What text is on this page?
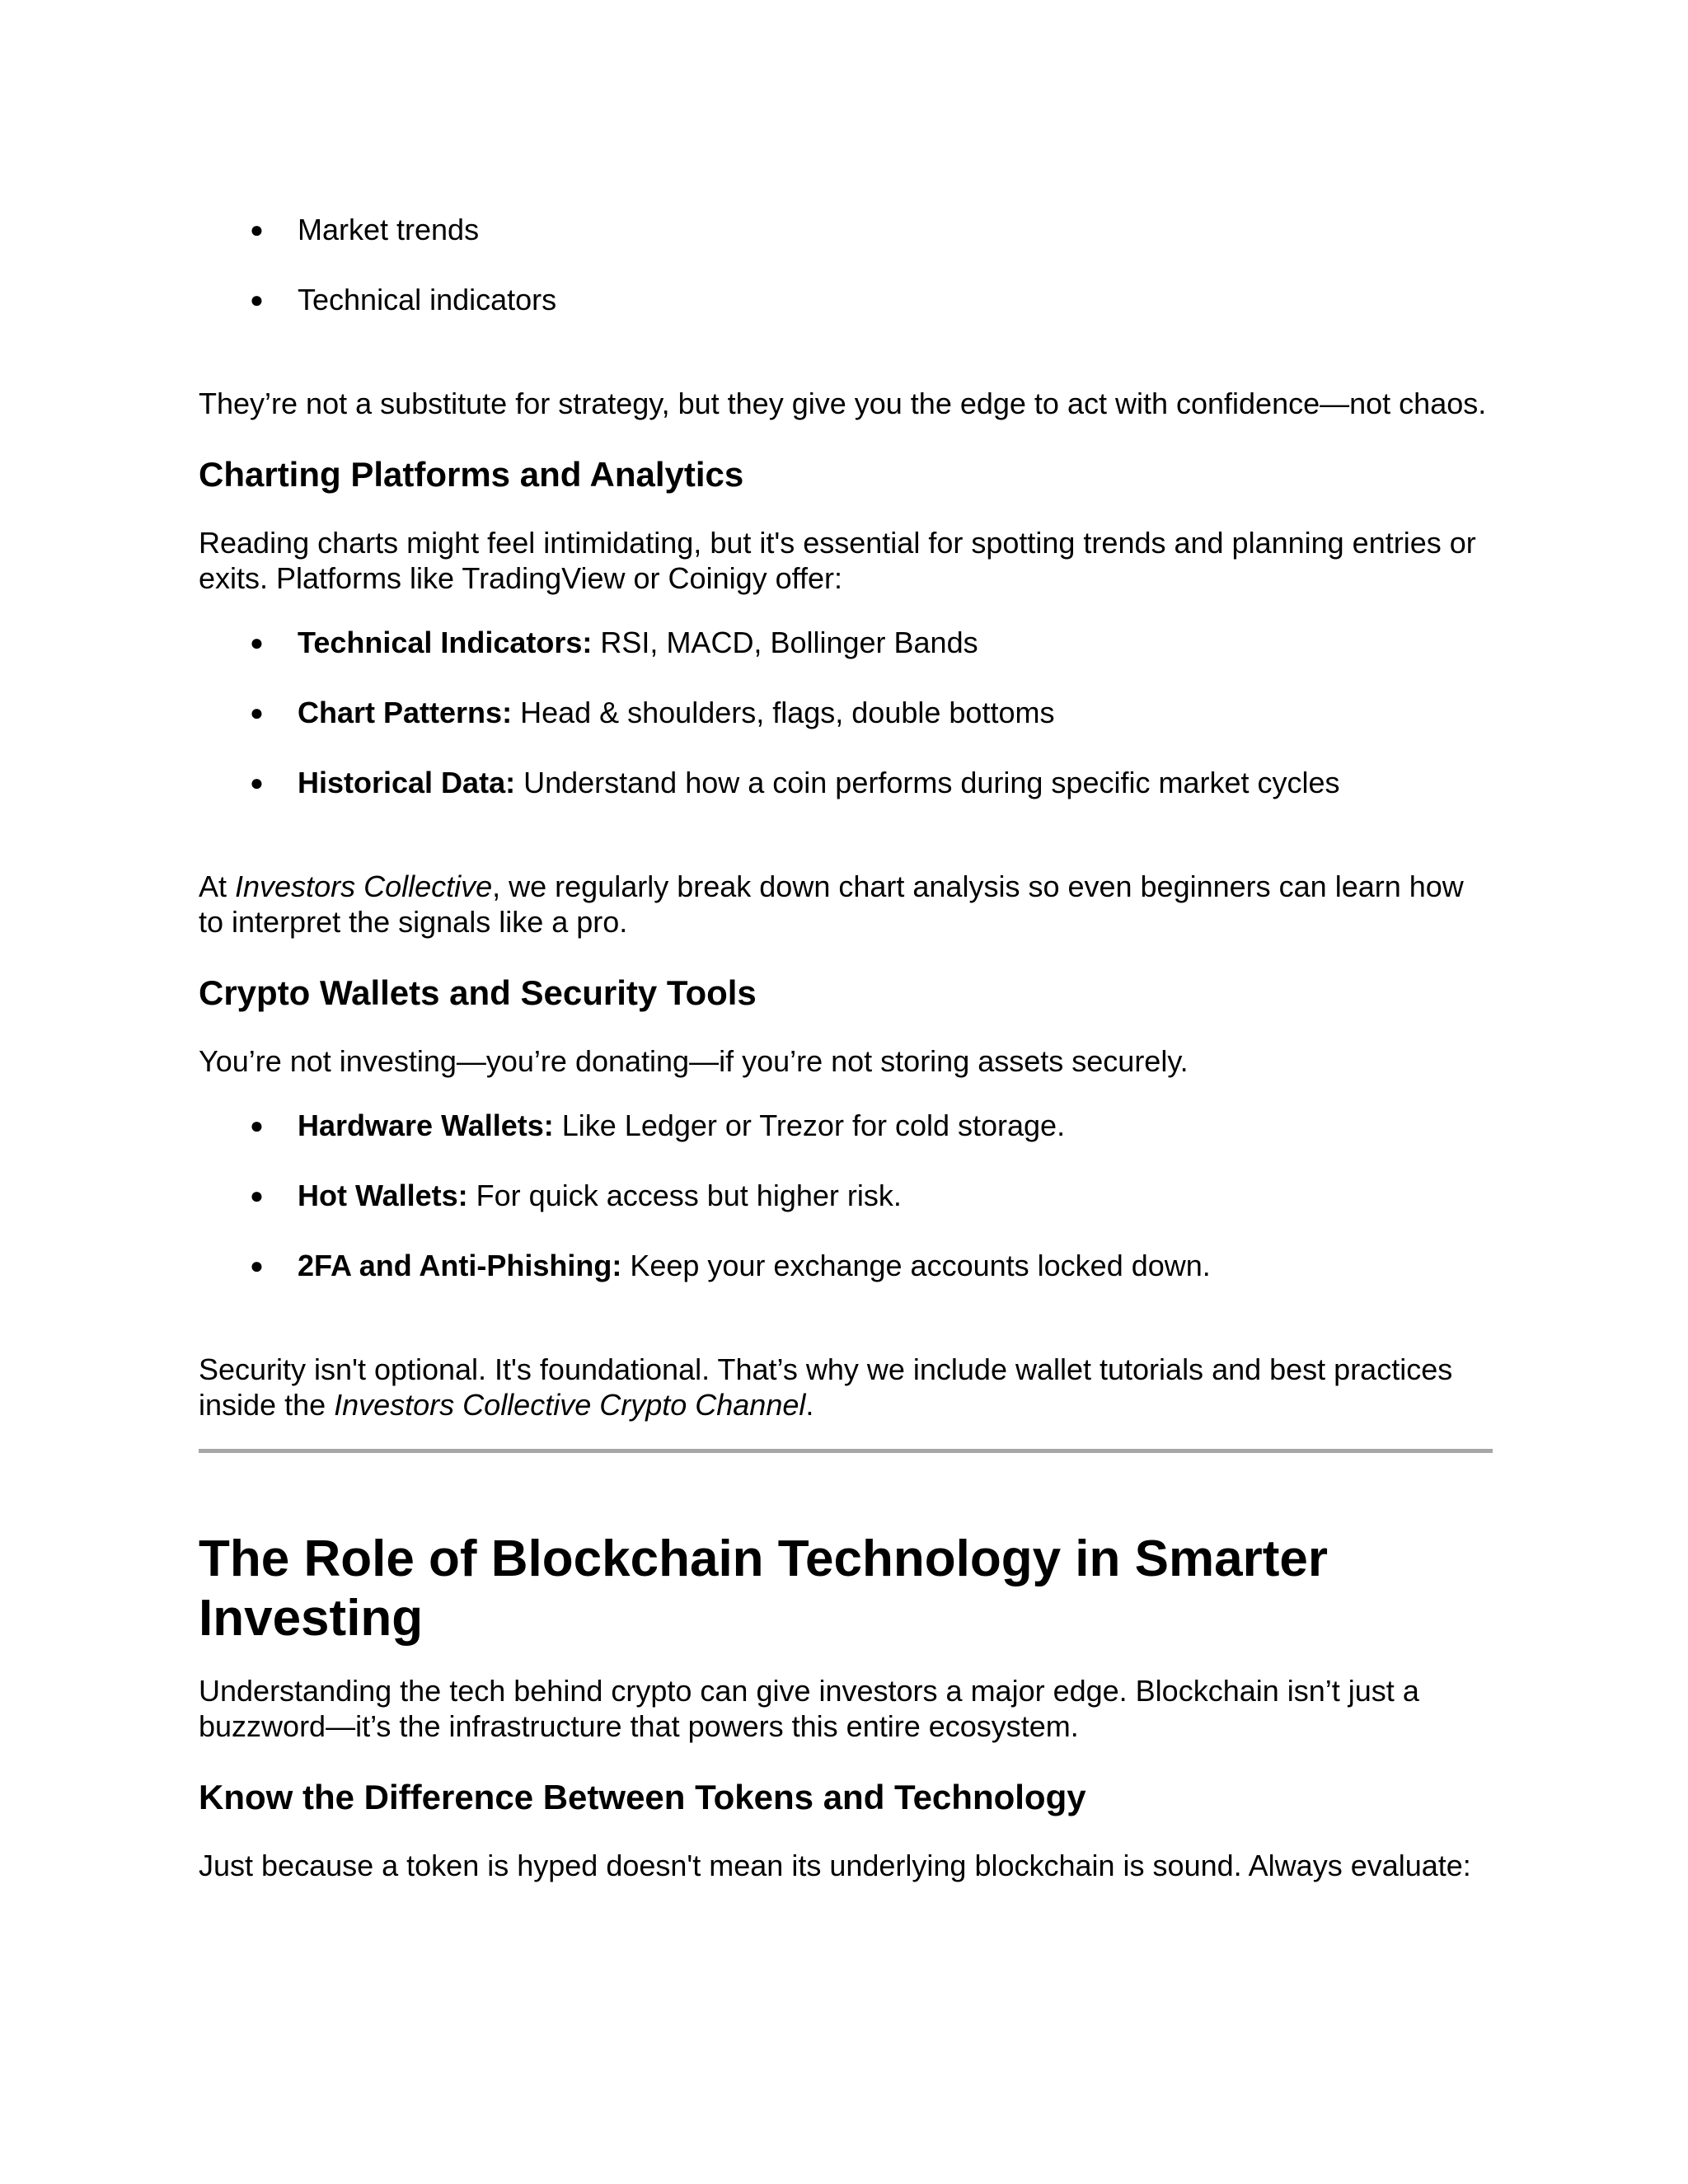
● Market trends
● Technical indicators

They’re not a substitute for strategy, but they give you the edge to act with confidence—not chaos.

Charting Platforms and Analytics

Reading charts might feel intimidating, but it's essential for spotting trends and planning entries or exits. Platforms like TradingView or Coinigy offer:

● Technical Indicators: RSI, MACD, Bollinger Bands
● Chart Patterns: Head & shoulders, flags, double bottoms
● Historical Data: Understand how a coin performs during specific market cycles

At Investors Collective, we regularly break down chart analysis so even beginners can learn how to interpret the signals like a pro.

Crypto Wallets and Security Tools

You’re not investing—you’re donating—if you’re not storing assets securely.

● Hardware Wallets: Like Ledger or Trezor for cold storage.
● Hot Wallets: For quick access but higher risk.
● 2FA and Anti-Phishing: Keep your exchange accounts locked down.

Security isn't optional. It's foundational. That’s why we include wallet tutorials and best practices inside the Investors Collective Crypto Channel.

The Role of Blockchain Technology in Smarter Investing

Understanding the tech behind crypto can give investors a major edge. Blockchain isn’t just a buzzword—it’s the infrastructure that powers this entire ecosystem.

Know the Difference Between Tokens and Technology

Just because a token is hyped doesn't mean its underlying blockchain is sound. Always evaluate:
